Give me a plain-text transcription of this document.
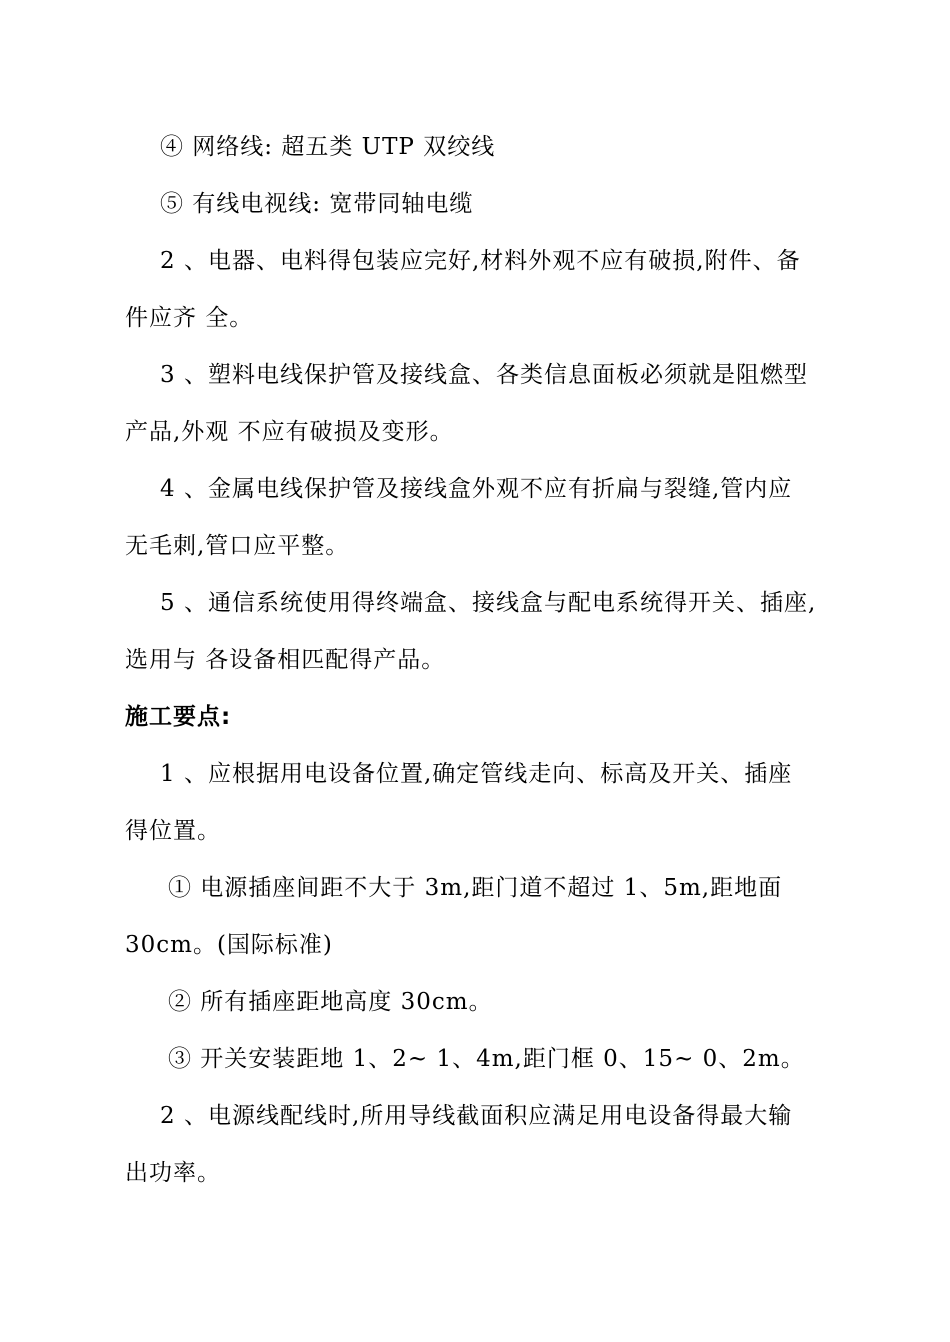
④ 网络线: 超五类 UTP 双绞线
⑤ 有线电视线: 宽带同轴电缆
2 、电器、电料得包装应完好,材料外观不应有破损,附件、备
件应齐 全。
3 、塑料电线保护管及接线盒、各类信息面板必须就是阻燃型
产品,外观 不应有破损及变形。
4 、金属电线保护管及接线盒外观不应有折扁与裂缝,管内应
无毛刺,管口应平整。
5 、通信系统使用得终端盒、接线盒与配电系统得开关、插座,
选用与 各设备相匹配得产品。
施工要点:
1 、应根据用电设备位置,确定管线走向、标高及开关、插座
得位置。
① 电源插座间距不大于 3m,距门道不超过 1、5m,距地面
30cm。(国际标准)
② 所有插座距地高度 30cm。
③ 开关安装距地 1、2~ 1、4m,距门框 0、15~ 0、2m。
2 、电源线配线时,所用导线截面积应满足用电设备得最大输
出功率。
